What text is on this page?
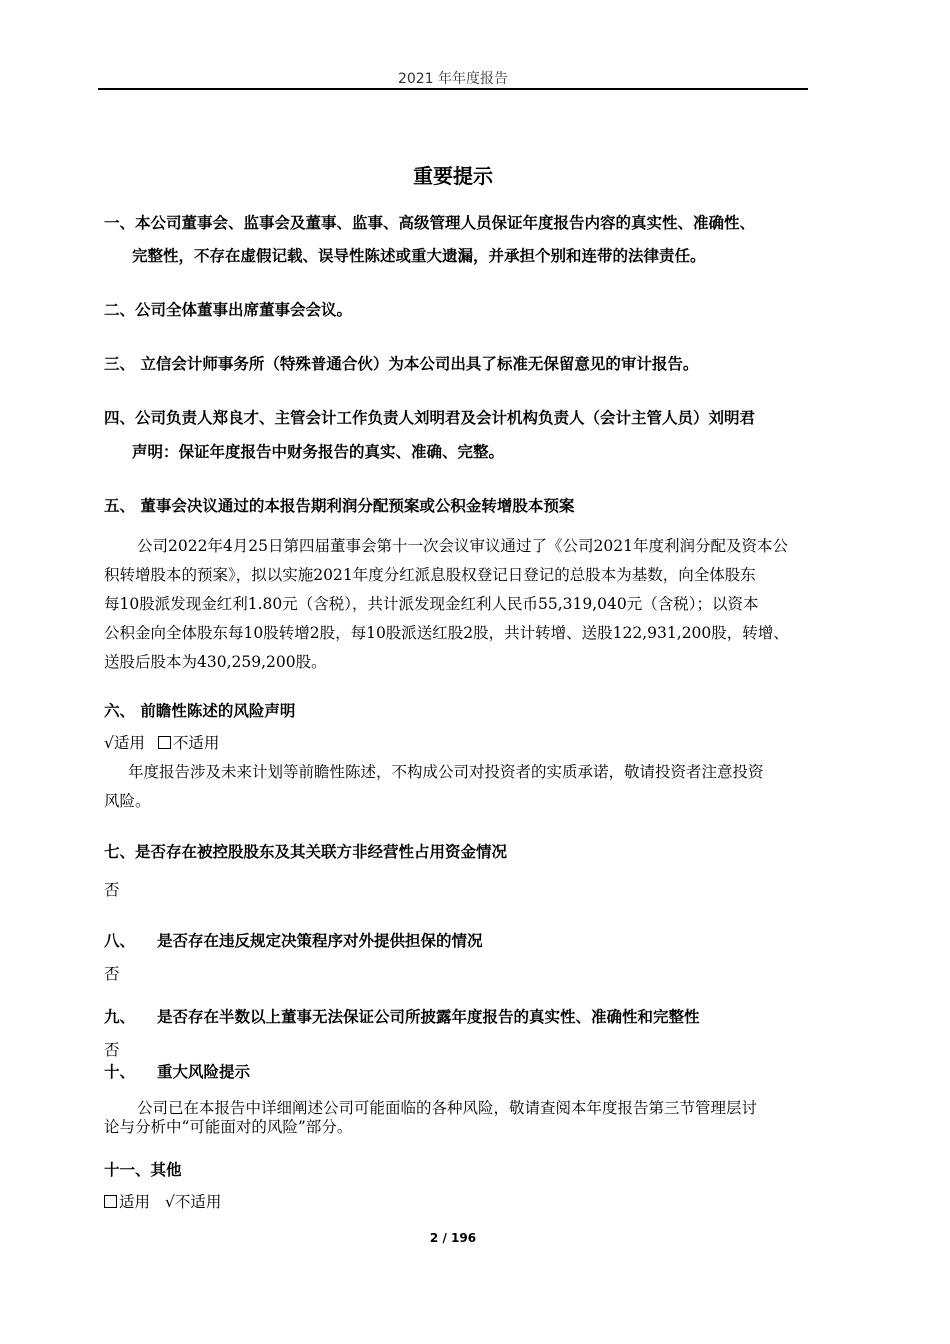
2021 年年度报告
重要提示
一、本公司董事会、监事会及董事、监事、高级管理人员保证年度报告内容的真实性、准确性、
完整性，不存在虚假记载、误导性陈述或重大遗漏，并承担个别和连带的法律责任。
二、公司全体董事出席董事会会议。
三、 立信会计师事务所（特殊普通合伙）为本公司出具了标准无保留意见的审计报告。
四、公司负责人郑良才、主管会计工作负责人刘明君及会计机构负责人（会计主管人员）刘明君
声明：保证年度报告中财务报告的真实、准确、完整。
五、 董事会决议通过的本报告期利润分配预案或公积金转增股本预案
公司2022年4月25日第四届董事会第十一次会议审议通过了《公司2021年度利润分配及资本公
积转增股本的预案》，拟以实施2021年度分红派息股权登记日登记的总股本为基数，向全体股东
每10股派发现金红利1.80元（含税），共计派发现金红利人民币55,319,040元（含税）；以资本
公积金向全体股东每10股转增2股，每10股派送红股2股，共计转增、送股122,931,200股，转增、
送股后股本为430,259,200股。
六、 前瞻性陈述的风险声明
√适用 不适用
年度报告涉及未来计划等前瞻性陈述，不构成公司对投资者的实质承诺，敬请投资者注意投资
风险。
七、是否存在被控股股东及其关联方非经营性占用资金情况
否
八、 是否存在违反规定决策程序对外提供担保的情况
否
九、 是否存在半数以上董事无法保证公司所披露年度报告的真实性、准确性和完整性
否
十、 重大风险提示
公司已在本报告中详细阐述公司可能面临的各种风险，敬请查阅本年度报告第三节管理层讨
论与分析中“可能面对的风险”部分。
十一、其他
适用 √不适用
2 / 196
